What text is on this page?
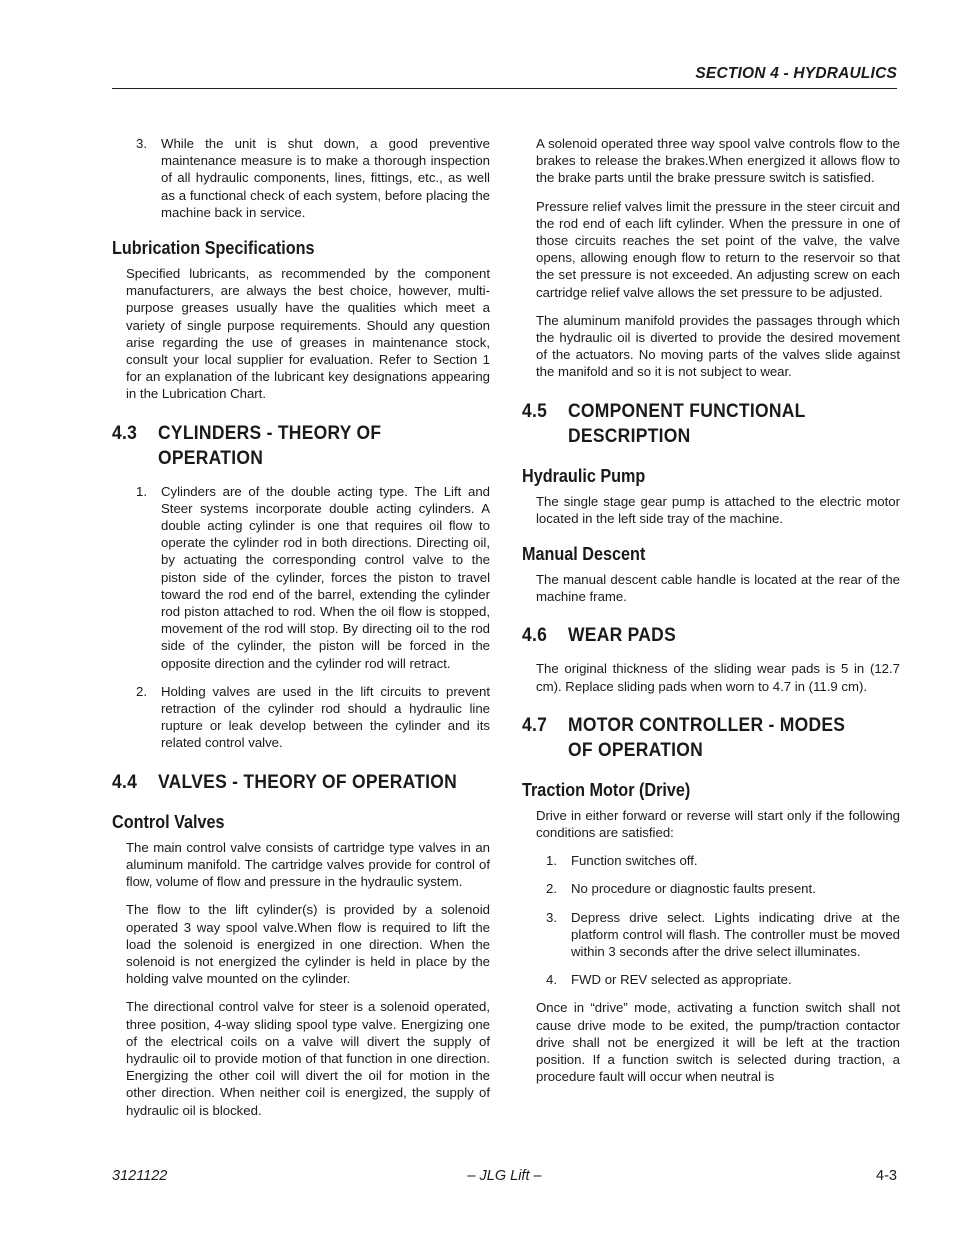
SECTION 4 - HYDRAULICS
3.	While the unit is shut down, a good preventive maintenance measure is to make a thorough inspection of all hydraulic components, lines, fittings, etc., as well as a functional check of each system, before placing the machine back in service.
Lubrication Specifications

Specified lubricants, as recommended by the component manufacturers, are always the best choice, however, multi-purpose greases usually have the qualities which meet a variety of single purpose requirements. Should any question arise regarding the use of greases in maintenance stock, consult your local supplier for evaluation. Refer to Section 1 for an explanation of the lubricant key designations appearing in the Lubrication Chart.

4.3	CYLINDERS - THEORY OF OPERATION
1.	Cylinders are of the double acting type. The Lift and Steer systems incorporate double acting cylinders. A double acting cylinder is one that requires oil flow to operate the cylinder rod in both directions. Directing oil, by actuating the corresponding control valve to the piston side of the cylinder, forces the piston to travel toward the rod end of the barrel, extending the cylinder rod piston attached to rod. When the oil flow is stopped, movement of the rod will stop. By directing oil to the rod side of the cylinder, the piston will be forced in the opposite direction and the cylinder rod will retract.
2.	Holding valves are used in the lift circuits to prevent retraction of the cylinder rod should a hydraulic line rupture or leak develop between the cylinder and its related control valve.
4.4	VALVES - THEORY OF OPERATION
Control Valves

The main control valve consists of cartridge type valves in an aluminum manifold. The cartridge valves provide for control of flow, volume of flow and pressure in the hydraulic system.

The flow to the lift cylinder(s) is provided by a solenoid operated 3 way spool valve.When flow is required to lift the load the solenoid is energized in one direction. When the solenoid is not energized the cylinder is held in place by the holding valve mounted on the cylinder.

The directional control valve for steer is a solenoid operated, three position, 4-way sliding spool type valve. Energizing one of the electrical coils on a valve will divert the supply of hydraulic oil to provide motion of that function in one direction. Energizing the other coil will divert the oil for motion in the other direction. When neither coil is energized, the supply of hydraulic oil is blocked.

A solenoid operated three way spool valve controls flow to the brakes to release the brakes.When energized it allows flow to the brake parts until the brake pressure switch is satisfied.

Pressure relief valves limit the pressure in the steer circuit and the rod end of each lift cylinder. When the pressure in one of those circuits reaches the set point of the valve, the valve opens, allowing enough flow to return to the reservoir so that the set pressure is not exceeded. An adjusting screw on each cartridge relief valve allows the set pressure to be adjusted.

The aluminum manifold provides the passages through which the hydraulic oil is diverted to provide the desired movement of the actuators. No moving parts of the valves slide against the manifold and so it is not subject to wear.

4.5	COMPONENT FUNCTIONAL DESCRIPTION
Hydraulic Pump

The single stage gear pump is attached to the electric motor located in the left side tray of the machine.

Manual Descent

The manual descent cable handle is located at the rear of the machine frame.

4.6	WEAR PADS

The original thickness of the sliding wear pads is 5 in (12.7 cm). Replace sliding pads when worn to 4.7 in (11.9 cm).

4.7	MOTOR CONTROLLER - MODES OF OPERATION
Traction Motor (Drive)

Drive in either forward or reverse will start only if the following conditions are satisfied:

1.	Function switches off.
2.	No procedure or diagnostic faults present.
3.	Depress drive select. Lights indicating drive at the platform control will flash. The controller must be moved within 3 seconds after the drive select illuminates.
4.	FWD or REV selected as appropriate.

Once in “drive” mode, activating a function switch shall not cause drive mode to be exited, the pump/traction contactor drive shall not be energized it will be left at the traction position. If a function switch is selected during traction, a procedure fault will occur when neutral is

3121122	– JLG Lift –	4-3
